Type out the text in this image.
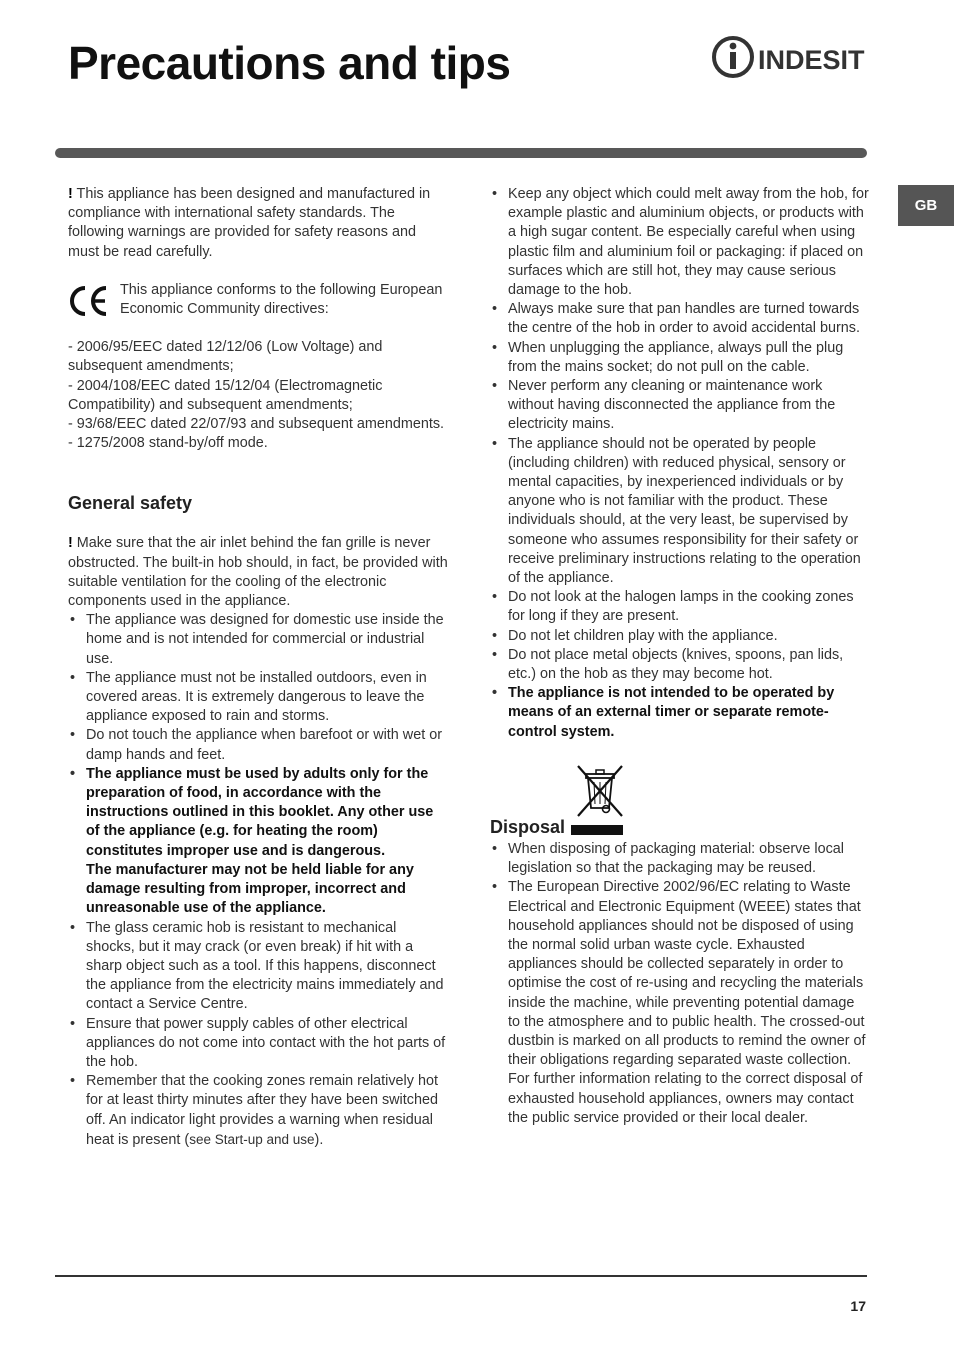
Precautions and tips	INDESIT
GB

! This appliance has been designed and manufactured in compliance with international safety standards. The following warnings are provided for safety reasons and must be read carefully.

This appliance conforms to the following European Economic Community directives:

- 2006/95/EEC dated 12/12/06 (Low Voltage) and subsequent amendments;

- 2004/108/EEC dated 15/12/04 (Electromagnetic Compatibility) and subsequent amendments;

- 93/68/EEC dated 22/07/93 and subsequent amendments.

- 1275/2008 stand-by/off mode.

General safety

! Make sure that the air inlet behind the fan grille is never obstructed. The built-in hob should, in fact, be provided with suitable ventilation for the cooling of the electronic components used in the appliance.

• The appliance was designed for domestic use inside the home and is not intended for commercial or industrial use.
• The appliance must not be installed outdoors, even in covered areas. It is extremely dangerous to leave the appliance exposed to rain and storms.
• Do not touch the appliance when barefoot or with wet or damp hands and feet.
• The appliance must be used by adults only for the preparation of food, in accordance with the instructions outlined in this booklet. Any other use of the appliance (e.g. for heating the room) constitutes improper use and is dangerous.
The manufacturer may not be held liable for any damage resulting from improper, incorrect and unreasonable use of the appliance.
• The glass ceramic hob is resistant to mechanical shocks, but it may crack (or even break) if hit with a sharp object such as a tool. If this happens, disconnect the appliance from the electricity mains immediately and contact a Service Centre.
• Ensure that power supply cables of other electrical appliances do not come into contact with the hot parts of the hob.
• Remember that the cooking zones remain relatively hot for at least thirty minutes after they have been switched off. An indicator light provides a warning when residual heat is present (see Start-up and use).
• Keep any object which could melt away from the hob, for example plastic and aluminium objects, or products with a high sugar content. Be especially careful when using plastic film and aluminium foil or packaging: if placed on surfaces which are still hot, they may cause serious damage to the hob.
• Always make sure that pan handles are turned towards the centre of the hob in order to avoid accidental burns.
• When unplugging the appliance, always pull the plug from the mains socket; do not pull on the cable.
• Never perform any cleaning or maintenance work without having disconnected the appliance from the electricity mains.
• The appliance should not be operated by people (including children) with reduced physical, sensory or mental capacities, by inexperienced individuals or by anyone who is not familiar with the product. These individuals should, at the very least, be supervised by someone who assumes responsibility for their safety or receive preliminary instructions relating to the operation of the appliance.
• Do not look at the halogen lamps in the cooking zones for long if they are present.
• Do not let children play with the appliance.
• Do not place metal objects (knives, spoons, pan lids, etc.) on the hob as they may become hot.
• The appliance is not intended to be operated by means of an external timer or separate remote-control system.
Disposal
• When disposing of packaging material: observe local legislation so that the packaging may be reused.
• The European Directive 2002/96/EC relating to Waste Electrical and Electronic Equipment (WEEE) states that household appliances should not be disposed of using the normal solid urban waste cycle. Exhausted appliances should be collected separately in order to optimise the cost of re-using and recycling the materials inside the machine, while preventing potential damage to the atmosphere and to public health. The crossed-out dustbin is marked on all products to remind the owner of their obligations regarding separated waste collection.

For further information relating to the correct disposal of exhausted household appliances, owners may contact the public service provided or their local dealer.

17
